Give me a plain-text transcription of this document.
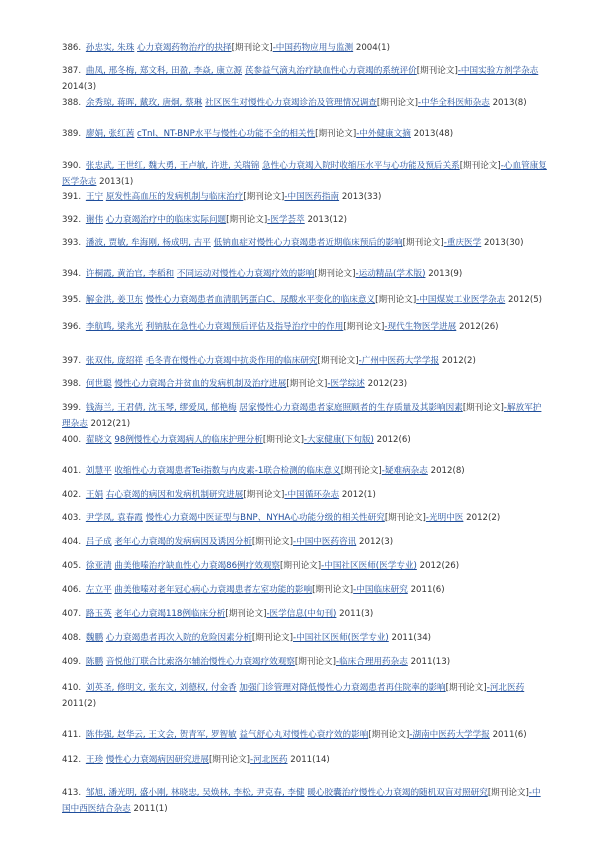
386. 孙忠实, 朱珠 心力衰竭药物治疗的抉择[期刊论文]-中国药物应用与监测 2004(1)
387. 曲凤, 邢冬梅, 郑文科, 田盈, 李焱, 康立源 芪参益气滴丸治疗缺血性心力衰竭的系统评价[期刊论文]-中国实验方剂学杂志 2014(3)
388. 余秀琼, 蒋晖, 戴玫, 唐炯, 蔡琳 社区医生对慢性心力衰竭诊治及管理情况调查[期刊论文]-中华全科医师杂志 2013(8)
389. 廖娟, 张红茜 cTnI、NT-BNP水平与慢性心功能不全的相关性[期刊论文]-中外健康文摘 2013(48)
390. 张忠武, 王世红, 魏大勇, 王卢敏, 许进, 关瑞锦 急性心力衰竭入院时收缩压水平与心功能及预后关系[期刊论文]-心血管康复医学杂志 2013(1)
391. 王宁 原发性高血压的发病机制与临床治疗[期刊论文]-中国医药指南 2013(33)
392. 谢伟 心力衰竭治疗中的临床实际问题[期刊论文]-医学荟萃 2013(12)
393. 潘波, 贾敏, 牟海刚, 杨成明, 吉平 低钠血症对慢性心力衰竭患者近期临床预后的影响[期刊论文]-重庆医学 2013(30)
394. 许桐霞, 黄治官, 李稻和 不同运动对慢性心力衰竭疗效的影响[期刊论文]-运动精品(学术版) 2013(9)
395. 解金洪, 姜卫东 慢性心力衰竭患者血清肌钙蛋白C、尿酸水平变化的临床意义[期刊论文]-中国煤炭工业医学杂志 2012(5)
396. 李航鸣, 梁兆光 利钠肽在急性心力衰竭预后评估及指导治疗中的作用[期刊论文]-现代生物医学进展 2012(26)
397. 张双伟, 庞绍祥 毛冬青在慢性心力衰竭中抗炎作用的临床研究[期刊论文]-广州中医药大学学报 2012(2)
398. 何世聪 慢性心力衰竭合并贫血的发病机制及治疗进展[期刊论文]-医学综述 2012(23)
399. 钱海兰, 王君倩, 沈玉琴, 缪爱凤, 郁艳梅 居家慢性心力衰竭患者家庭照顾者的生存质量及其影响因素[期刊论文]-解放军护理杂志 2012(21)
400. 翟晓文 98例慢性心力衰竭病人的临床护理分析[期刊论文]-大家健康(下旬版) 2012(6)
401. 刘慧平 收缩性心力衰竭患者Tei指数与内皮素-1联合检测的临床意义[期刊论文]-疑难病杂志 2012(8)
402. 王娟 右心衰竭的病因和发病机制研究进展[期刊论文]-中国循环杂志 2012(1)
403. 尹学凤, 袁春霞 慢性心力衰竭中医证型与BNP、NYHA心功能分级的相关性研究[期刊论文]-光明中医 2012(2)
404. 吕子成 老年心力衰竭的发病病因及诱因分析[期刊论文]-中国中医药咨讯 2012(3)
405. 徐亚清 曲美他嗪治疗缺血性心力衰竭86例疗效观察[期刊论文]-中国社区医师(医学专业) 2012(26)
406. 左立平 曲美他嗪对老年冠心病心力衰竭患者左室功能的影响[期刊论文]-中国临床研究 2011(6)
407. 路玉英 老年心力衰竭118例临床分析[期刊论文]-医学信息(中旬刊) 2011(3)
408. 魏鹏 心力衰竭患者再次入院的危险因素分析[期刊论文]-中国社区医师(医学专业) 2011(34)
409. 陈鹏 音悦他汀联合比索洛尔辅治慢性心力衰竭疗效观察[期刊论文]-临床合理用药杂志 2011(13)
410. 刘英圣, 修明文, 张东文, 刘德权, 付金香 加强门诊管理对降低慢性心力衰竭患者再住院率的影响[期刊论文]-河北医药 2011(2)
411. 陈伟强, 赵华云, 王文会, 贺青军, 罗智敏 益气舒心丸对慢性心衰疗效的影响[期刊论文]-湖南中医药大学学报 2011(6)
412. 王珍 慢性心力衰竭病因研究进展[期刊论文]-河北医药 2011(14)
413. 邹旭, 潘光明, 盛小刚, 林晓忠, 吴焕林, 李松, 尹克春, 李健 暖心胶囊治疗慢性心力衰竭的随机双盲对照研究[期刊论文]-中国中西医结合杂志 2011(1)
